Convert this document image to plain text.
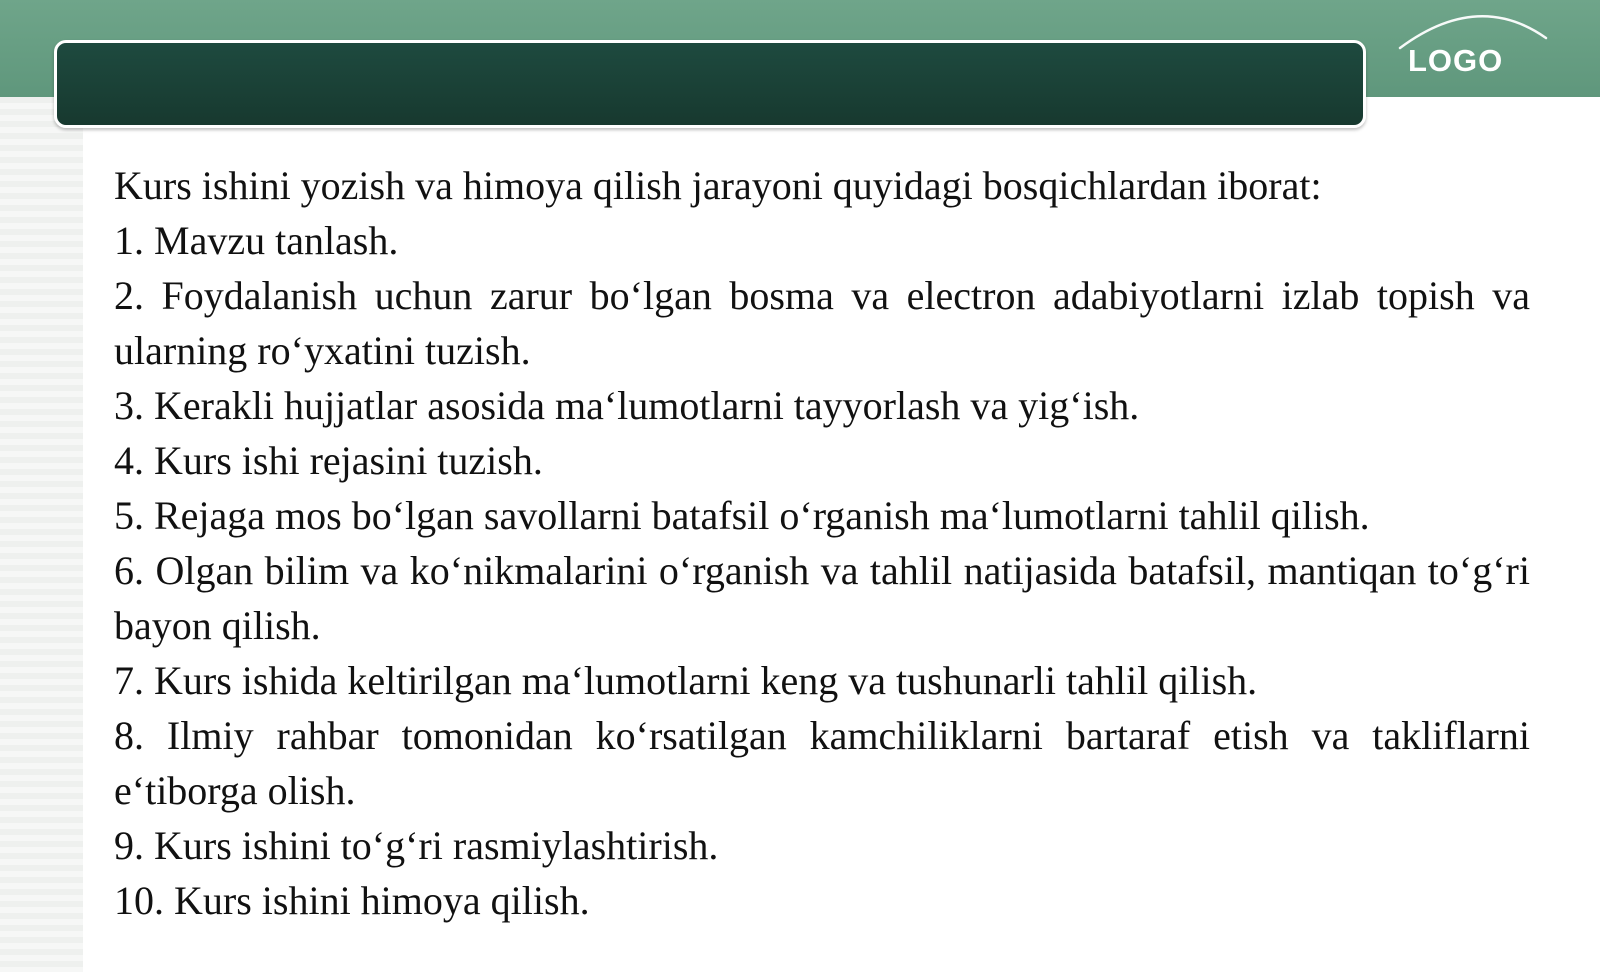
LOGO

Kurs ishini yozish va himoya qilish jarayoni quyidagi bosqichlardan iborat:

1. Mavzu tanlash.

2. Foydalanish uchun zarur bo‘lgan bosma va electron adabiyotlarni izlab topish va ularning ro‘yxatini tuzish.

3. Kerakli hujjatlar asosida ma‘lumotlarni tayyorlash va yig‘ish.

4. Kurs ishi rejasini tuzish.

5. Rejaga mos bo‘lgan savollarni batafsil o‘rganish ma‘lumotlarni tahlil qilish.

6. Olgan bilim va ko‘nikmalarini o‘rganish va tahlil natijasida batafsil, mantiqan to‘g‘ri bayon qilish.

7. Kurs ishida keltirilgan ma‘lumotlarni keng va tushunarli tahlil qilish.

8. Ilmiy rahbar tomonidan ko‘rsatilgan kamchiliklarni bartaraf etish va takliflarni e‘tiborga olish.

9. Kurs ishini to‘g‘ri rasmiylashtirish.

10. Kurs ishini himoya qilish.
